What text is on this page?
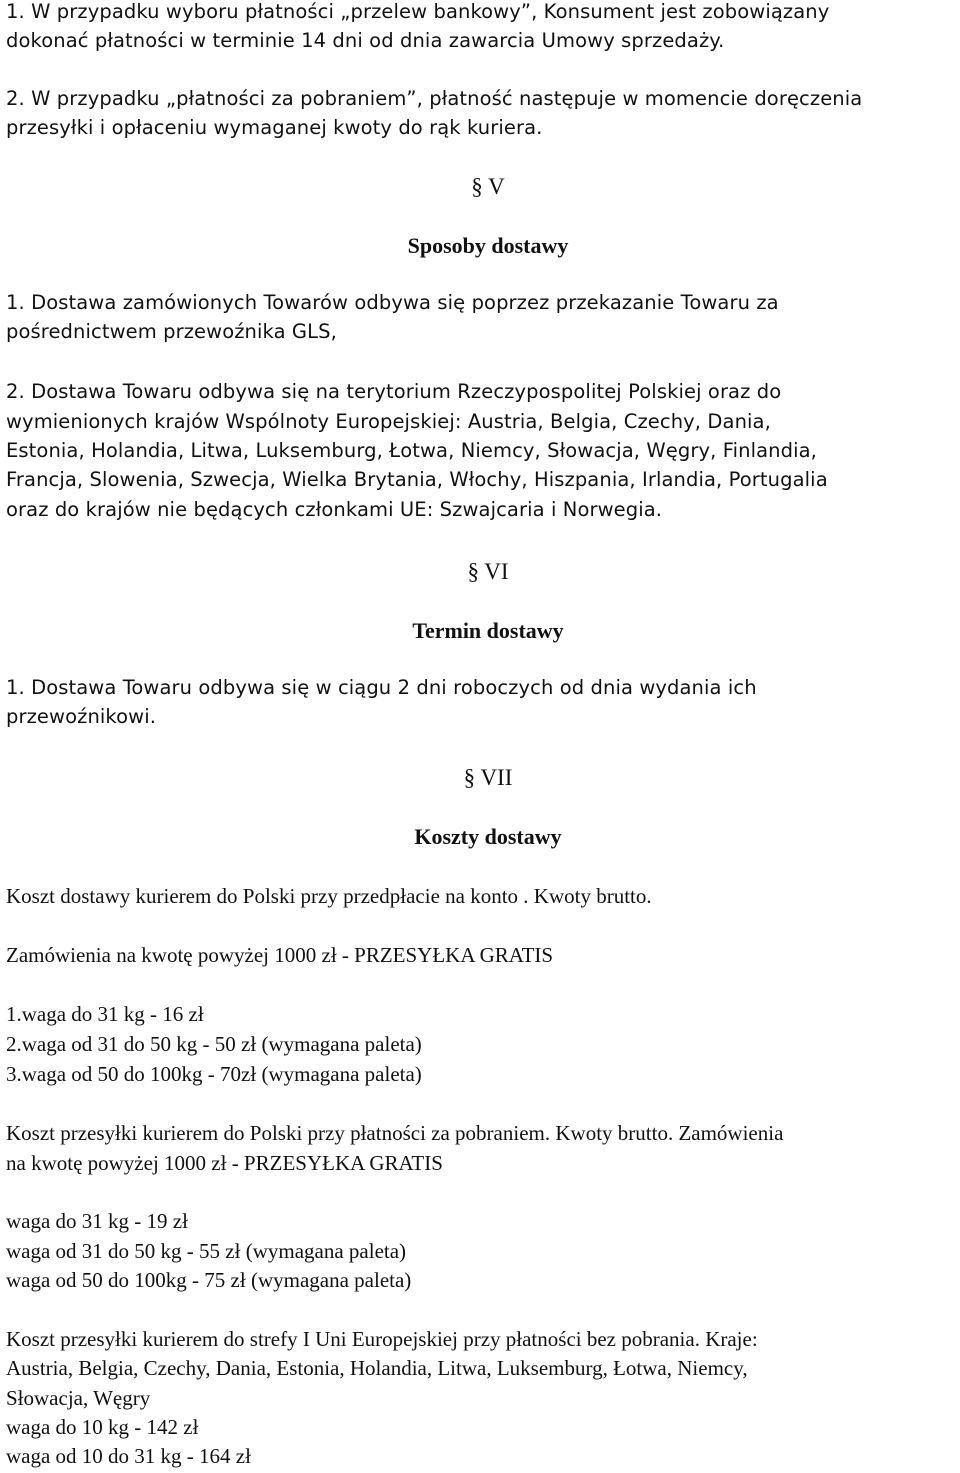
1. W przypadku wyboru płatności „przelew bankowy”, Konsument jest zobowiązany

dokonać płatności w terminie 14 dni od dnia zawarcia Umowy sprzedaży.

2. W przypadku „płatności za pobraniem”, płatność następuje w momencie doręczenia

przesyłki i opłaceniu wymaganej kwoty do rąk kuriera.

§ V

Sposoby dostawy

1. Dostawa zamówionych Towarów odbywa się poprzez przekazanie Towaru za

pośrednictwem przewoźnika GLS,

2. Dostawa Towaru odbywa się na terytorium Rzeczypospolitej Polskiej oraz do

wymienionych krajów Wspólnoty Europejskiej: Austria, Belgia, Czechy, Dania,

Estonia, Holandia, Litwa, Luksemburg, Łotwa, Niemcy, Słowacja, Węgry, Finlandia,

Francja, Slowenia, Szwecja, Wielka Brytania, Włochy, Hiszpania, Irlandia, Portugalia

oraz do krajów nie będących członkami UE: Szwajcaria i Norwegia.

§ VI

Termin dostawy

1. Dostawa Towaru odbywa się w ciągu 2 dni roboczych od dnia wydania ich

przewoźnikowi.

§ VII

Koszty dostawy

Koszt dostawy kurierem do Polski przy przedpłacie na konto . Kwoty brutto.

Zamówienia na kwotę powyżej 1000 zł - PRZESYŁKA GRATIS

1.waga do 31 kg - 16 zł

2.waga od 31 do 50 kg - 50 zł (wymagana paleta)

3.waga od 50 do 100kg - 70zł (wymagana paleta)

Koszt przesyłki kurierem do Polski przy płatności za pobraniem. Kwoty brutto. Zamówienia

na kwotę powyżej 1000 zł - PRZESYŁKA GRATIS

waga do 31 kg - 19 zł

waga od 31 do 50 kg - 55 zł (wymagana paleta)

waga od 50 do 100kg - 75 zł (wymagana paleta)

Koszt przesyłki kurierem do strefy I Uni Europejskiej przy płatności bez pobrania. Kraje:

Austria, Belgia, Czechy, Dania, Estonia, Holandia, Litwa, Luksemburg, Łotwa, Niemcy,

Słowacja, Węgry

waga do 10 kg - 142 zł

waga od 10 do 31 kg - 164 zł
